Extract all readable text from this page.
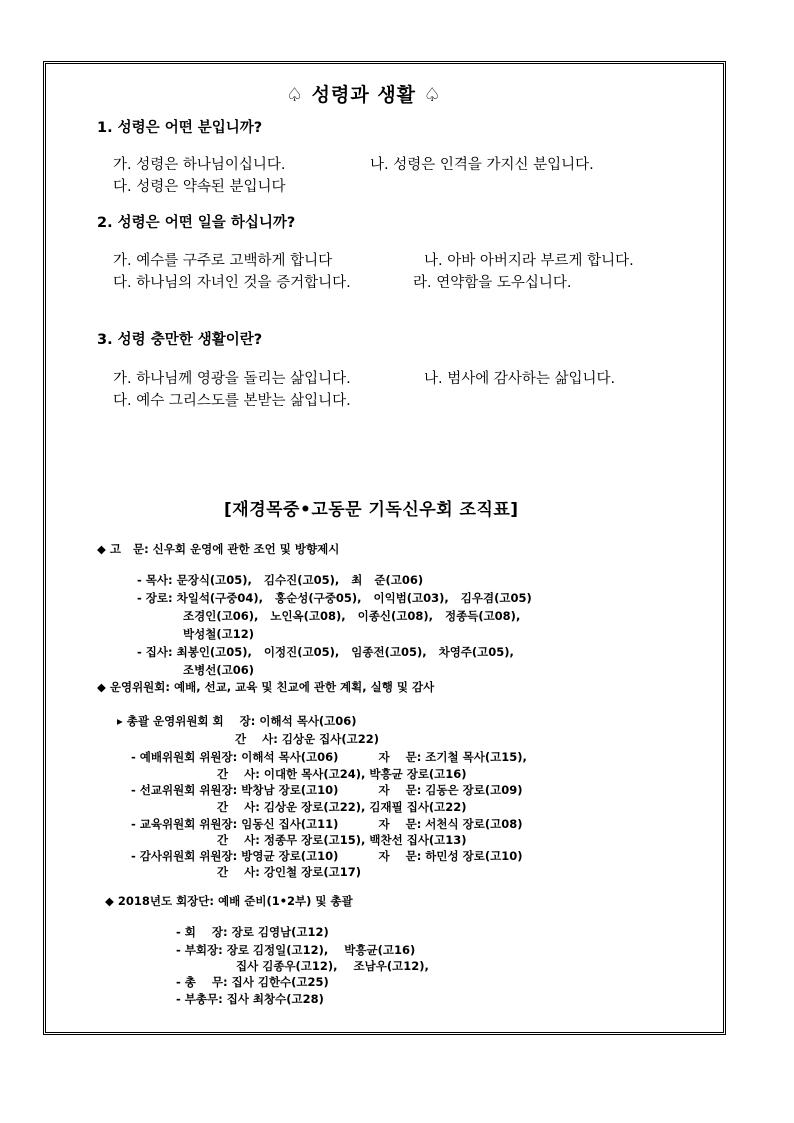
♤ 성령과 생활 ♤
1. 성령은 어떤 분입니까?
가. 성령은 하나님이십니다.	나. 성령은 인격을 가지신 분입니다.
다. 성령은 약속된 분입니다
2. 성령은 어떤 일을 하십니까?
가. 예수를 구주로 고백하게 합니다	나. 아바 아버지라 부르게 합니다.
다. 하나님의 자녀인 것을 증거합니다.	라. 연약함을 도우십니다.
3. 성령 충만한 생활이란?
가. 하나님께 영광을 돌리는 삶입니다.	나. 범사에 감사하는 삶입니다.
다. 예수 그리스도를 본받는 삶입니다.
[재경목중•고동문 기독신우회 조직표]
◆ 고   문: 신우회 운영에 관한 조언 및 방향제시
- 목사: 문장식(고05),   김수진(고05),   최   준(고06)
- 장로: 차일석(구중04),   홍순성(구중05),   이익범(고03),   김우겸(고05)
조경인(고06),   노인옥(고08),   이종신(고08),   정종득(고08),
박성철(고12)
- 집사: 최봉인(고05),   이정진(고05),   임종전(고05),   차영주(고05),
조병선(고06)
◆ 운영위원회: 예배, 선교, 교육 및 친교에 관한 계획, 실행 및 감사
▸ 총괄 운영위원회 회    장: 이해석 목사(고06)
간    사: 김상운 집사(고22)
- 예배위원회 위원장: 이해석 목사(고06)          자    문: 조기철 목사(고15),
간    사: 이대한 목사(고24), 박흥균 장로(고16)
- 선교위원회 위원장: 박창남 장로(고10)          자    문: 김동은 장로(고09)
간    사: 김상운 장로(고22), 김재필 집사(고22)
- 교육위원회 위원장: 임동신 집사(고11)          자    문: 서천식 장로(고08)
간    사: 정종무 장로(고15), 백찬선 집사(고13)
- 감사위원회 위원장: 방영균 장로(고10)          자    문: 하민성 장로(고10)
간    사: 강인철 장로(고17)
◆ 2018년도 회장단: 예배 준비(1•2부) 및 총괄
- 회    장: 장로 김영남(고12)
- 부회장: 장로 김정일(고12),    박흥균(고16)
집사 김종우(고12),    조남우(고12),
- 총    무: 집사 김한수(고25)
- 부총무: 집사 최창수(고28)
